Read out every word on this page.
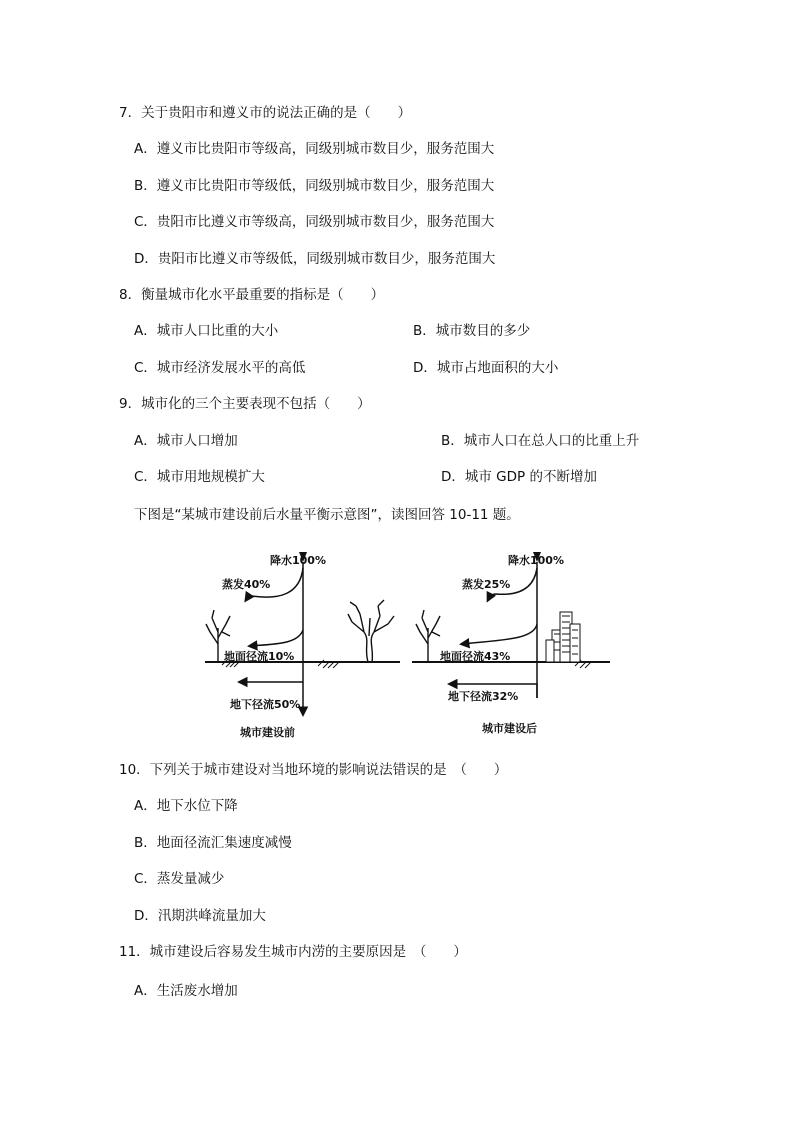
7．关于贵阳市和遵义市的说法正确的是（　　）
A．遵义市比贵阳市等级高，同级别城市数目少，服务范围大
B．遵义市比贵阳市等级低，同级别城市数目少，服务范围大
C．贵阳市比遵义市等级高，同级别城市数目少，服务范围大
D．贵阳市比遵义市等级低，同级别城市数目少，服务范围大
8．衡量城市化水平最重要的指标是（　　）
A．城市人口比重的大小	B．城市数目的多少
C．城市经济发展水平的高低	D．城市占地面积的大小
9．城市化的三个主要表现不包括（　　）
A．城市人口增加	B．城市人口在总人口的比重上升
C．城市用地规模扩大	D．城市 GDP 的不断增加
下图是“某城市建设前后水量平衡示意图”，读图回答 10-11 题。
降水100%
蒸发40%
地面径流10%
地下径流50%
城市建设前
降水100%
蒸发25%
地面径流43%
地下径流32%
城市建设后
10．下列关于城市建设对当地环境的影响说法错误的是　（　　）
A．地下水位下降
B．地面径流汇集速度减慢
C．蒸发量减少
D．汛期洪峰流量加大
11．城市建设后容易发生城市内涝的主要原因是　（　　）
A．生活废水增加
